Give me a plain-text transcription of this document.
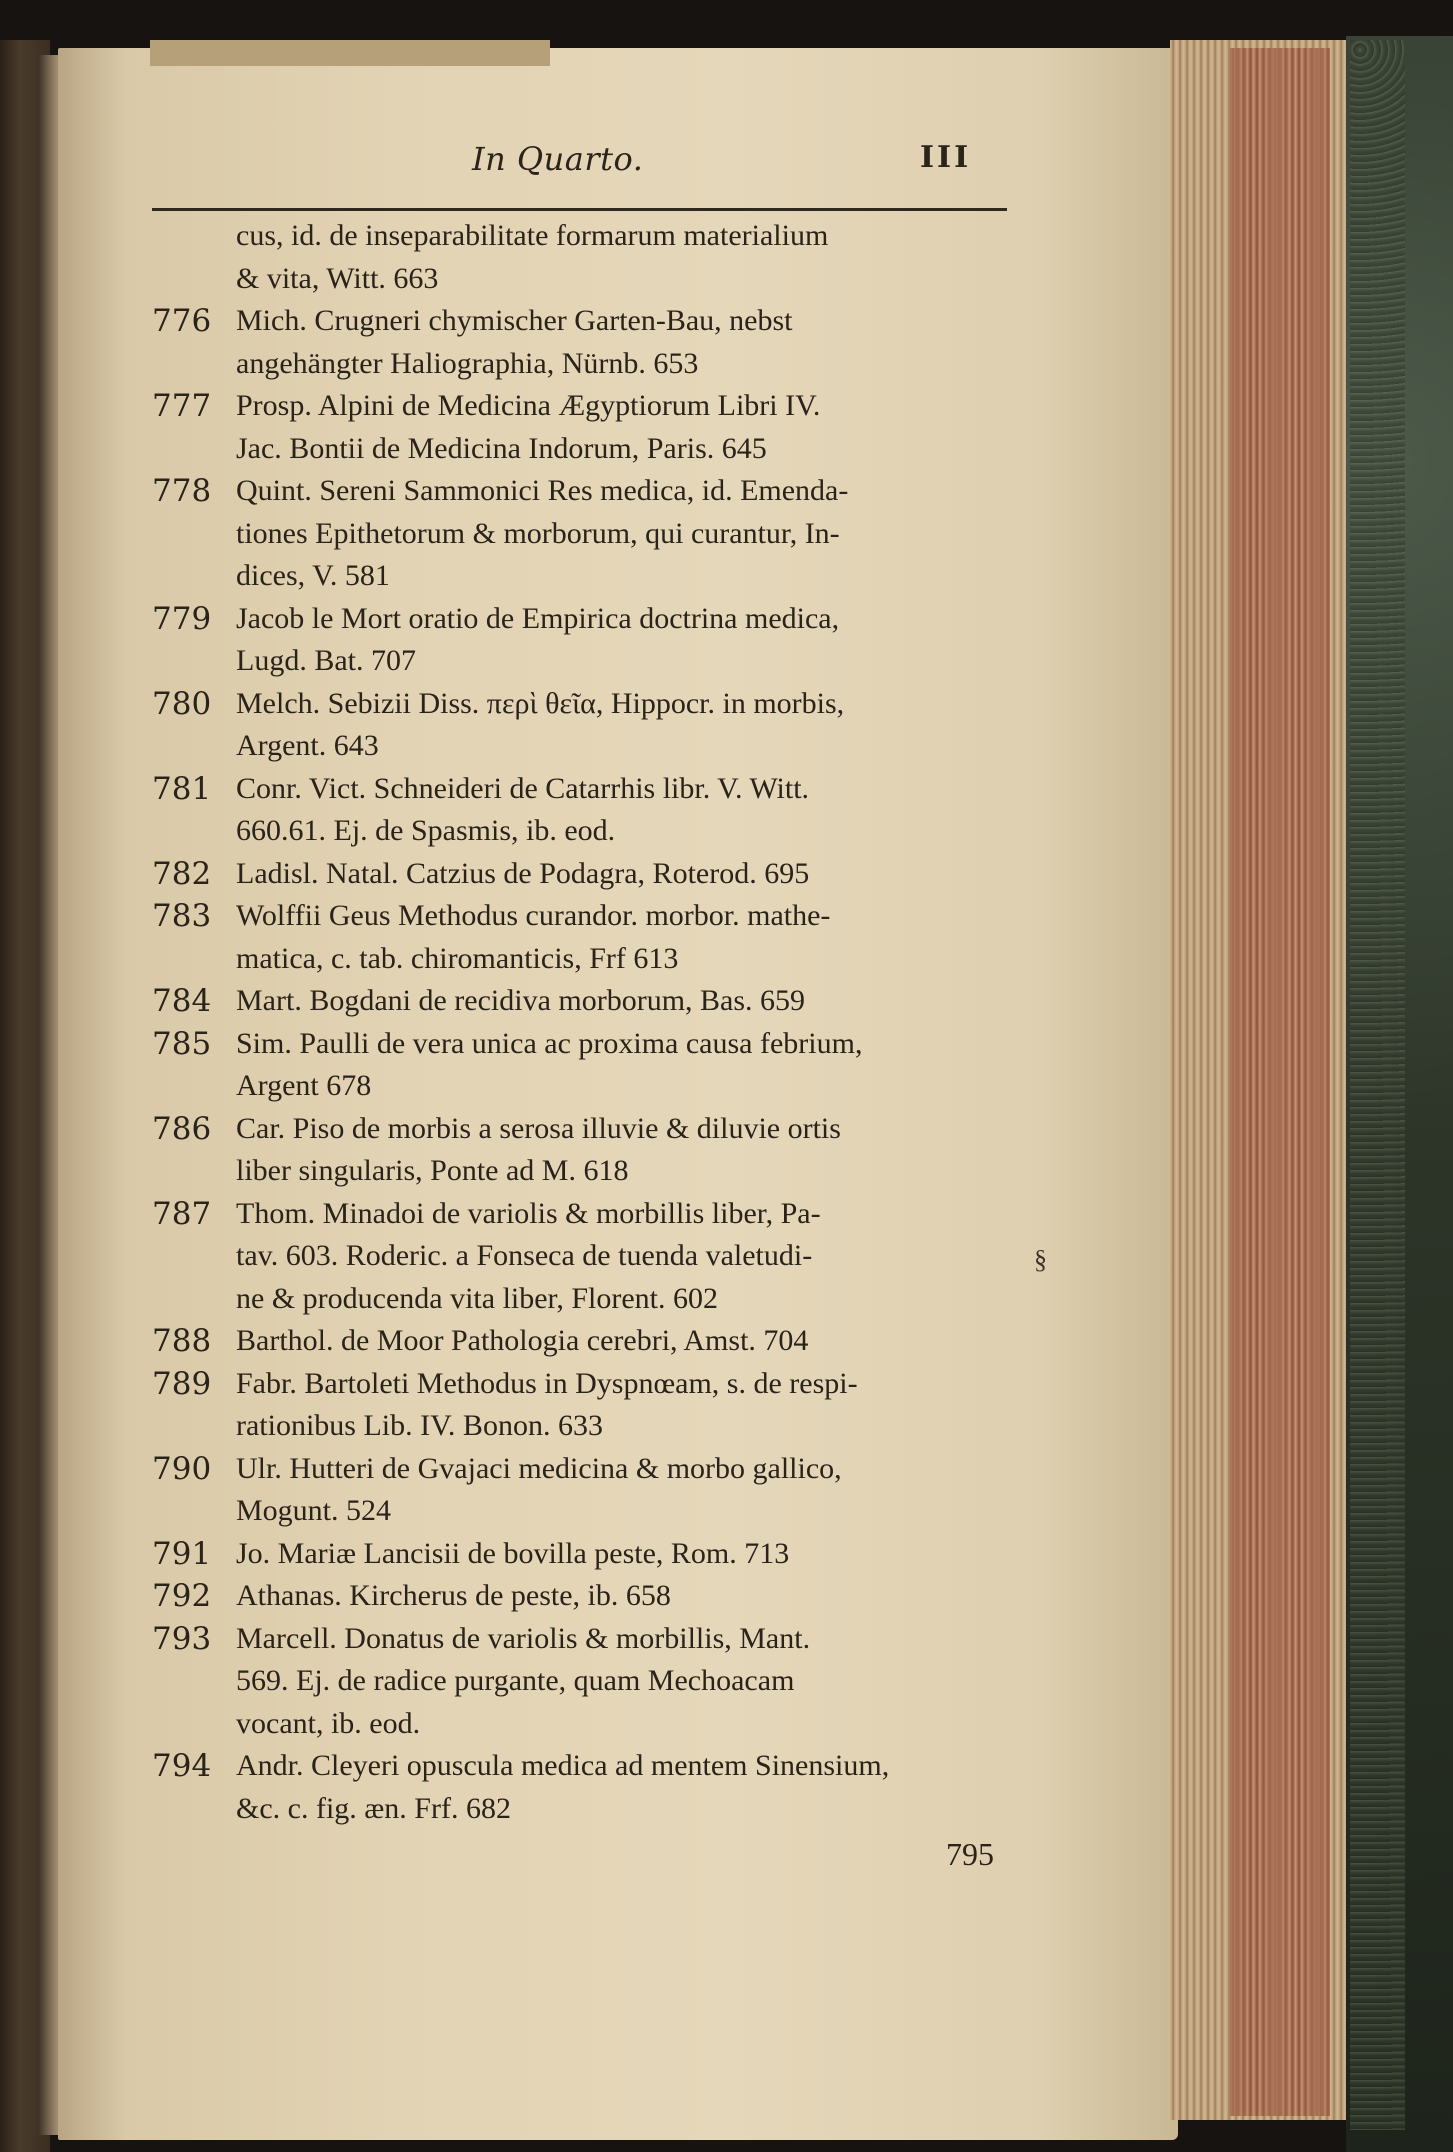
In Quarto.	III
cus, id. de inseparabilitate formarum materialium
& vita, Witt. 663
776 Mich. Crugneri chymischer Garten-Bau, nebst
angehängter Haliographia, Nürnb. 653
777 Prosp. Alpini de Medicina Ægyptiorum Libri IV.
Jac. Bontii de Medicina Indorum, Paris. 645
778 Quint. Sereni Sammonici Res medica, id. Emenda-
tiones Epithetorum & morborum, qui curantur, In-
dices, V. 581
779 Jacob le Mort oratio de Empirica doctrina medica,
Lugd. Bat. 707
780 Melch. Sebizii Diss. περὶ θεῖα, Hippocr. in morbis,
Argent. 643
781 Conr. Vict. Schneideri de Catarrhis libr. V. Witt.
660.61. Ej. de Spasmis, ib. eod.
782 Ladisl. Natal. Catzius de Podagra, Roterod. 695
783 Wolffii Geus Methodus curandor. morbor. mathe-
matica, c. tab. chiromanticis, Frf 613
784 Mart. Bogdani de recidiva morborum, Bas. 659
785 Sim. Paulli de vera unica ac proxima causa febrium,
Argent 678
786 Car. Piso de morbis a serosa illuvie & diluvie ortis
liber singularis, Ponte ad M. 618
787 Thom. Minadoi de variolis & morbillis liber, Pa-
tav. 603. Roderic. a Fonseca de tuenda valetudi-
ne & producenda vita liber, Florent. 602
788 Barthol. de Moor Pathologia cerebri, Amst. 704
789 Fabr. Bartoleti Methodus in Dyspnœam, s. de respi-
rationibus Lib. IV. Bonon. 633
790 Ulr. Hutteri de Gvajaci medicina & morbo gallico,
Mogunt. 524
791 Jo. Mariæ Lancisii de bovilla peste, Rom. 713
792 Athanas. Kircherus de peste, ib. 658
793 Marcell. Donatus de variolis & morbillis, Mant.
569. Ej. de radice purgante, quam Mechoacam
vocant, ib. eod.
794 Andr. Cleyeri opuscula medica ad mentem Sinensium,
&c. c. fig. æn. Frf. 682
795
§
